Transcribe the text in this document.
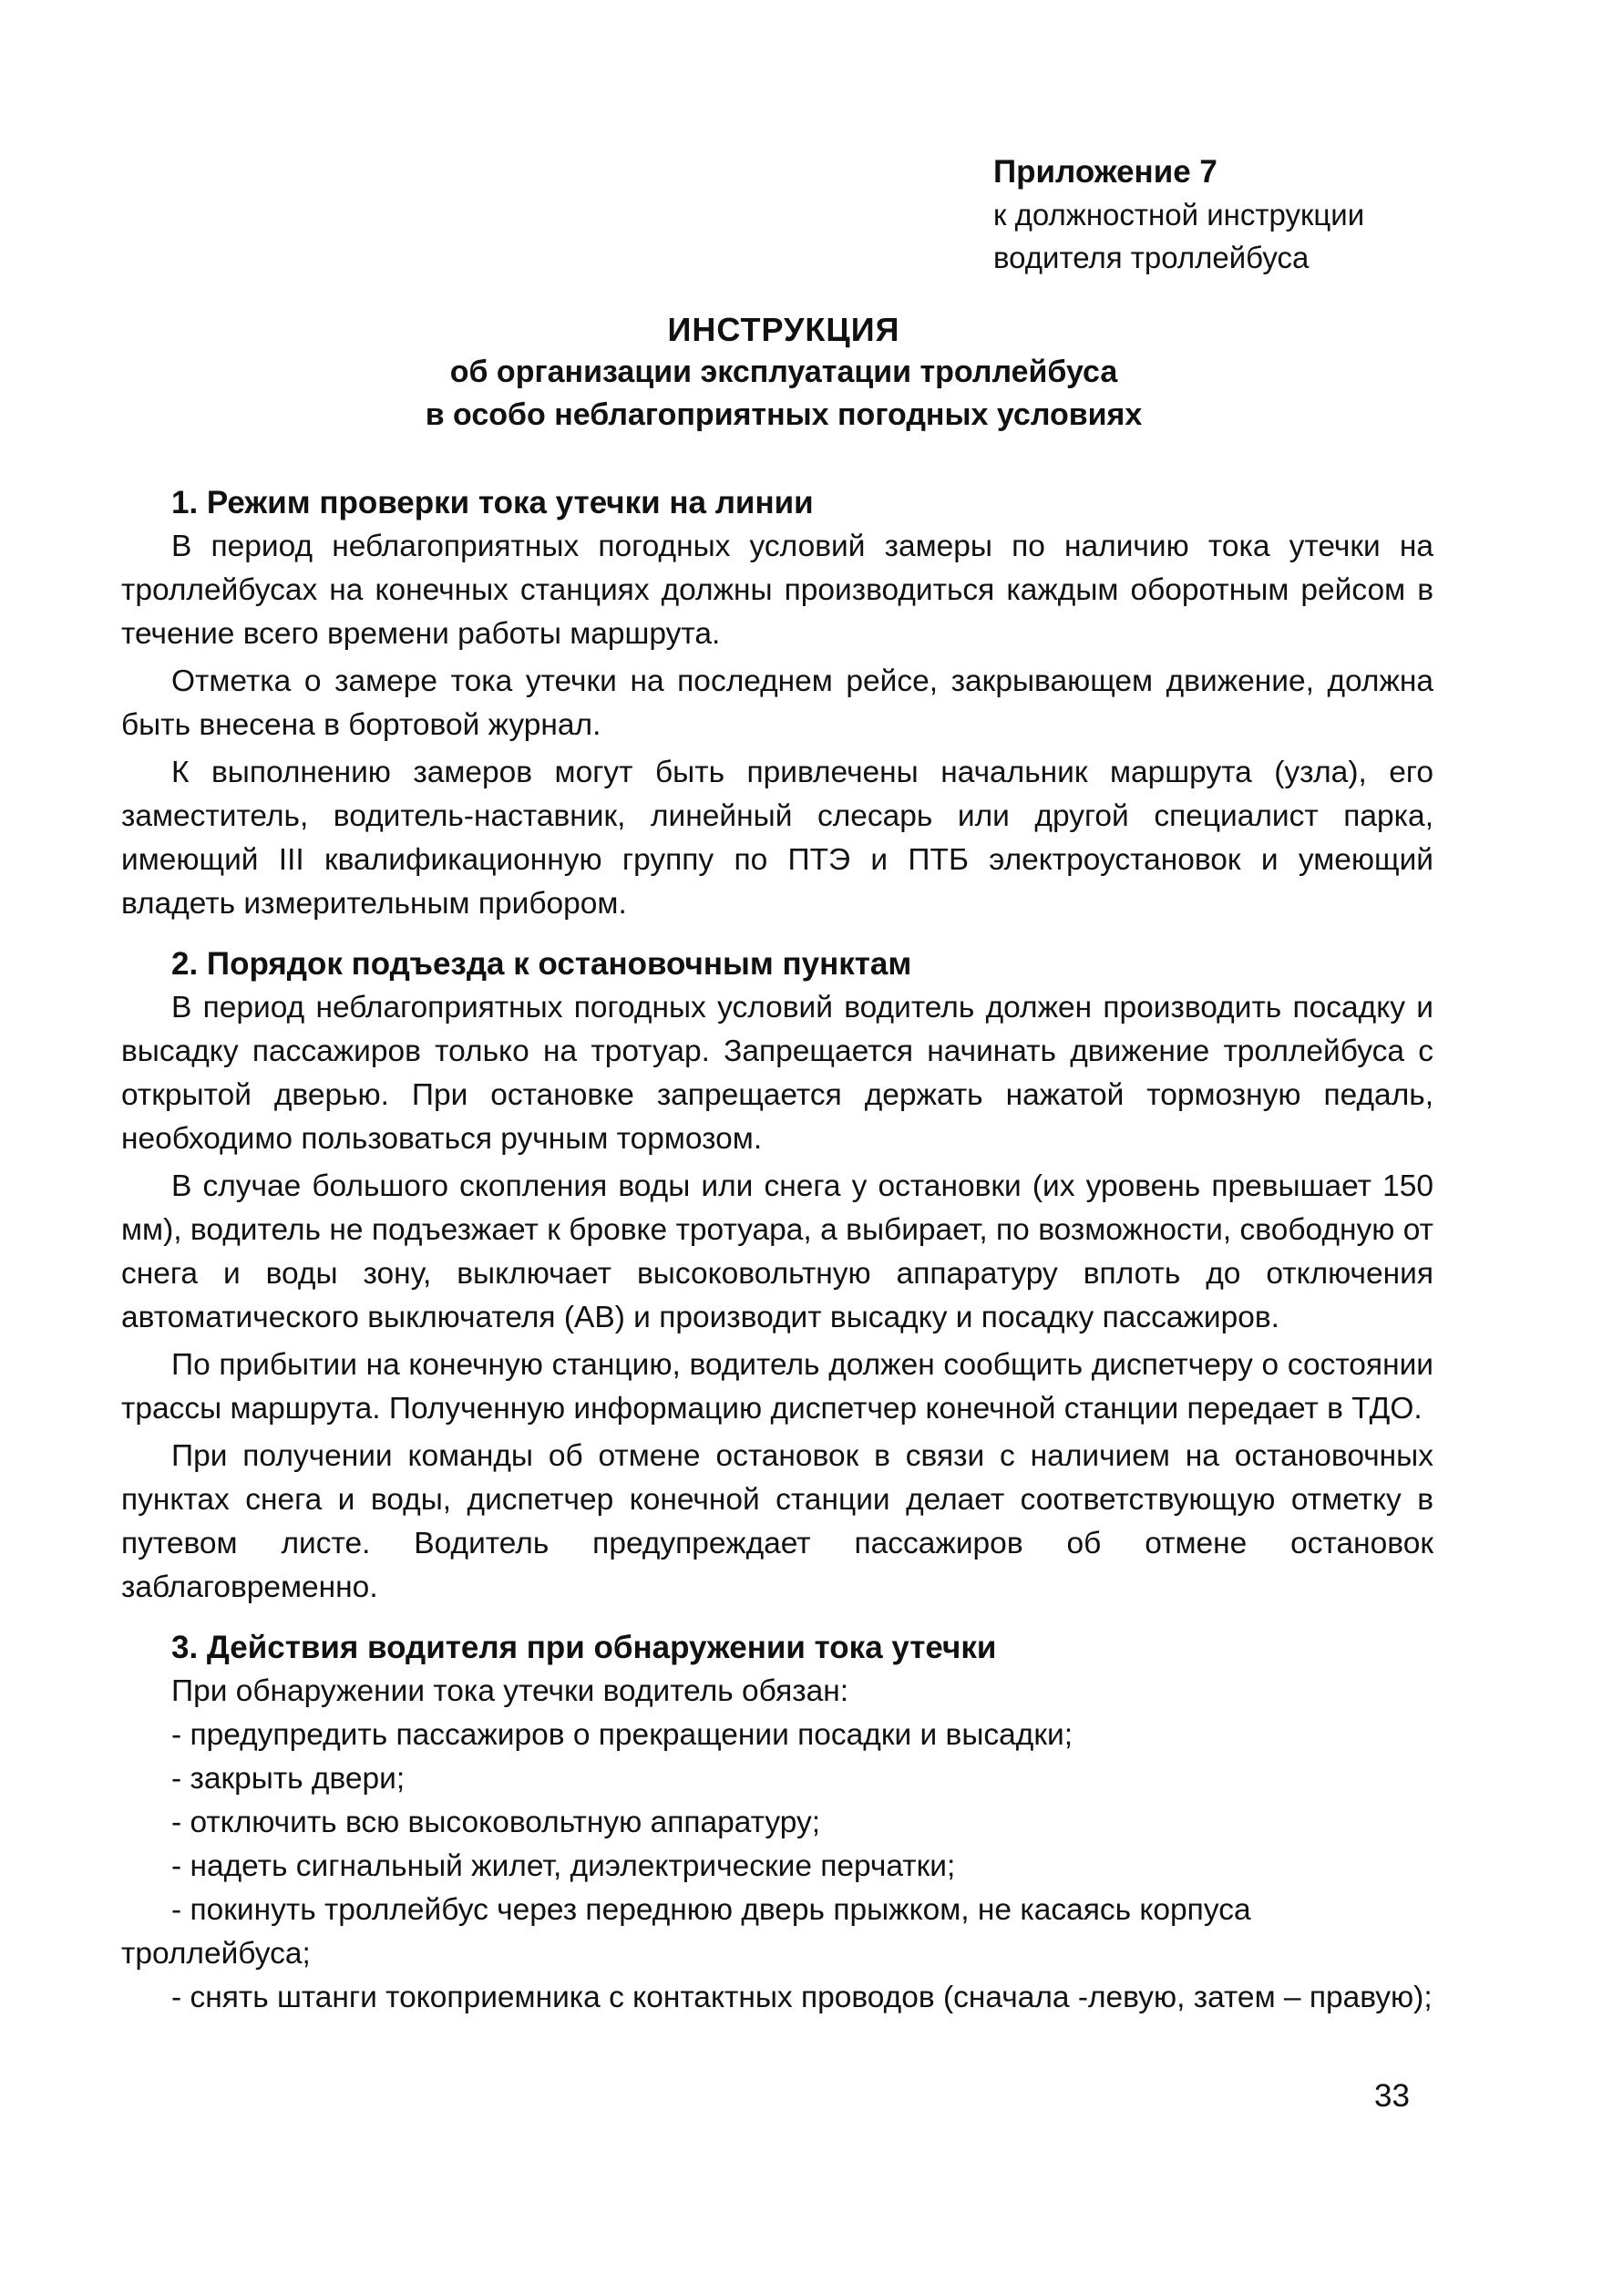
Приложение 7
к должностной инструкции
водителя троллейбуса
ИНСТРУКЦИЯ
об организации эксплуатации троллейбуса
в особо неблагоприятных погодных условиях

1. Режим проверки тока утечки на линии

В период неблагоприятных погодных условий замеры по наличию тока утечки на троллейбусах на конечных станциях должны производиться каждым оборотным рейсом в течение всего времени работы маршрута.

Отметка о замере тока утечки на последнем рейсе, закрывающем движение, должна быть внесена в бортовой журнал.

К выполнению замеров могут быть привлечены начальник маршрута (узла), его заместитель, водитель-наставник, линейный слесарь или другой специалист парка, имеющий III квалификационную группу по ПТЭ и ПТБ электроустановок и умеющий владеть измерительным прибором.

2. Порядок подъезда к остановочным пунктам

В период неблагоприятных погодных условий водитель должен производить посадку и высадку пассажиров только на тротуар. Запрещается начинать движение троллейбуса с открытой дверью. При остановке запрещается держать нажатой тормозную педаль, необходимо пользоваться ручным тормозом.

В случае большого скопления воды или снега у остановки (их уровень превышает 150 мм), водитель не подъезжает к бровке тротуара, а выбирает, по возможности, свободную от снега и воды зону, выключает высоковольтную аппаратуру вплоть до отключения автоматического выключателя (АВ) и производит высадку и посадку пассажиров.

По прибытии на конечную станцию, водитель должен сообщить диспетчеру о состоянии трассы маршрута. Полученную информацию диспетчер конечной станции передает в ТДО.

При получении команды об отмене остановок в связи с наличием на остановочных пунктах снега и воды, диспетчер конечной станции делает соответствующую отметку в путевом листе. Водитель предупреждает пассажиров об отмене остановок заблаговременно.

3. Действия водителя при обнаружении тока утечки

При обнаружении тока утечки водитель обязан:

- предупредить пассажиров о прекращении посадки и высадки;

- закрыть двери;

- отключить всю высоковольтную аппаратуру;

- надеть сигнальный жилет, диэлектрические перчатки;

- покинуть троллейбус через переднюю дверь прыжком, не касаясь корпуса троллейбуса;

- снять штанги токоприемника с контактных проводов (сначала -левую, затем – правую);

33
